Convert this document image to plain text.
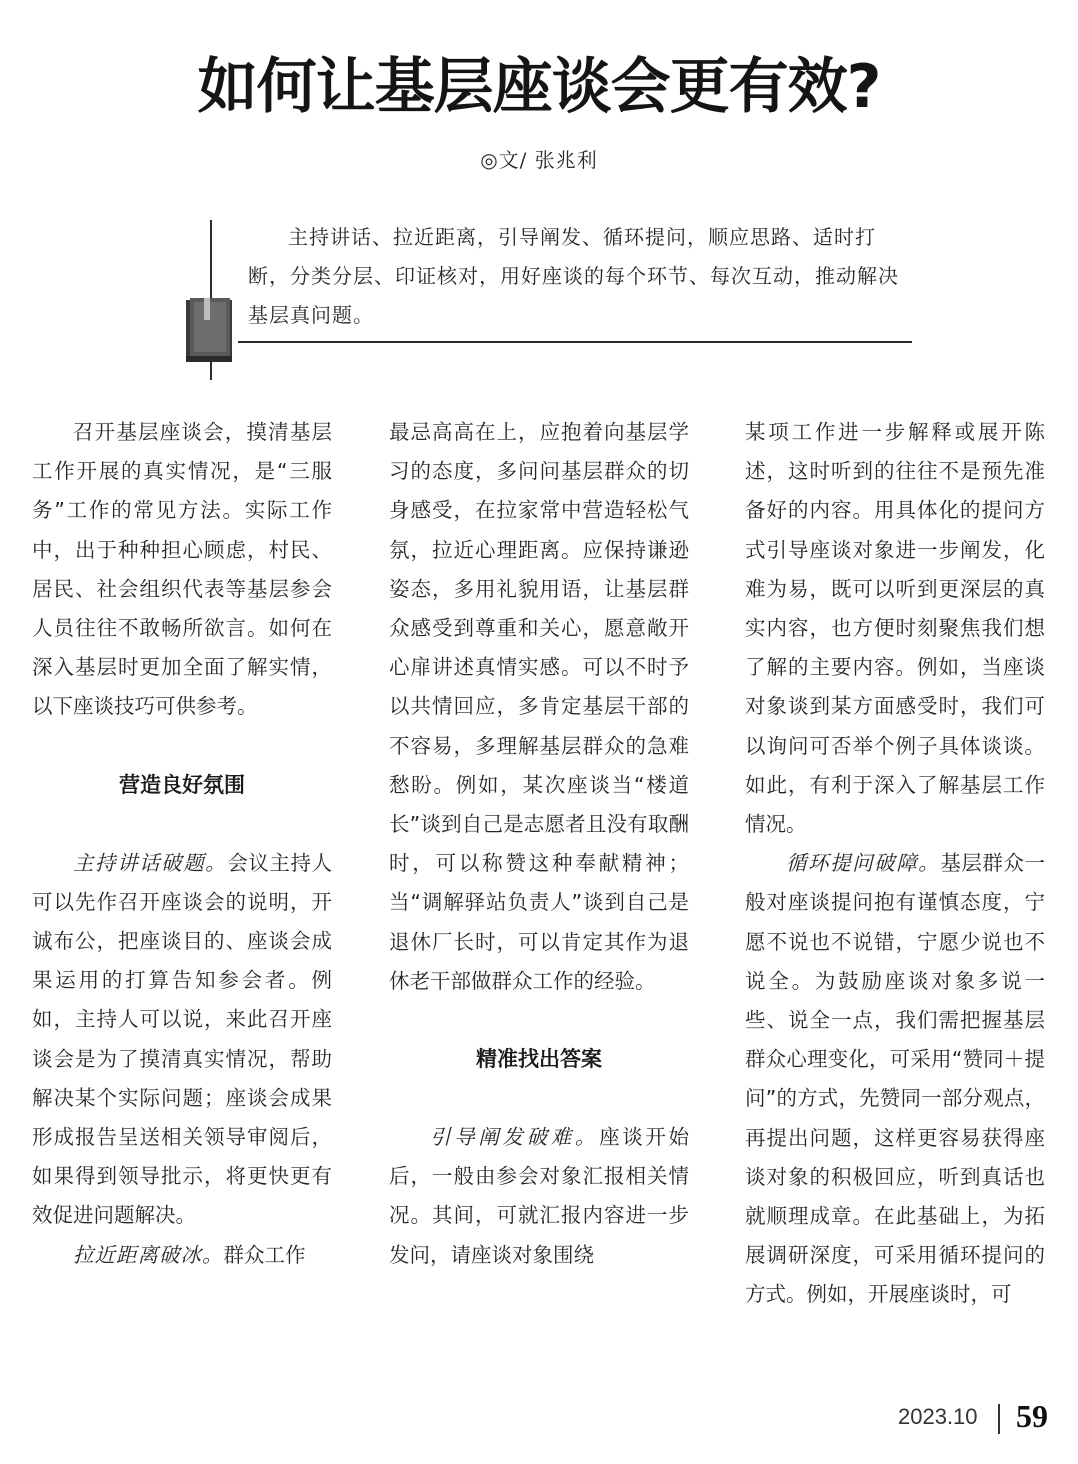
如何让基层座谈会更有效?
◎文/ 张兆利
主持讲话、拉近距离，引导阐发、循环提问，顺应思路、适时打断，分类分层、印证核对，用好座谈的每个环节、每次互动，推动解决基层真问题。

召开基层座谈会，摸清基层工作开展的真实情况，是“三服务”工作的常见方法。实际工作中，出于种种担心顾虑，村民、居民、社会组织代表等基层参会人员往往不敢畅所欲言。如何在深入基层时更加全面了解实情，以下座谈技巧可供参考。

营造良好氛围

主持讲话破题。会议主持人可以先作召开座谈会的说明，开诚布公，把座谈目的、座谈会成果运用的打算告知参会者。例如，主持人可以说，来此召开座谈会是为了摸清真实情况，帮助解决某个实际问题；座谈会成果形成报告呈送相关领导审阅后，如果得到领导批示，将更快更有效促进问题解决。

拉近距离破冰。群众工作

最忌高高在上，应抱着向基层学习的态度，多问问基层群众的切身感受，在拉家常中营造轻松气氛，拉近心理距离。应保持谦逊姿态，多用礼貌用语，让基层群众感受到尊重和关心，愿意敞开心扉讲述真情实感。可以不时予以共情回应，多肯定基层干部的不容易，多理解基层群众的急难愁盼。例如，某次座谈当“楼道长”谈到自己是志愿者且没有取酬时，可以称赞这种奉献精神；当“调解驿站负责人”谈到自己是退休厂长时，可以肯定其作为退休老干部做群众工作的经验。

精准找出答案

引导阐发破难。座谈开始后，一般由参会对象汇报相关情况。其间，可就汇报内容进一步发问，请座谈对象围绕

某项工作进一步解释或展开陈述，这时听到的往往不是预先准备好的内容。用具体化的提问方式引导座谈对象进一步阐发，化难为易，既可以听到更深层的真实内容，也方便时刻聚焦我们想了解的主要内容。例如，当座谈对象谈到某方面感受时，我们可以询问可否举个例子具体谈谈。如此，有利于深入了解基层工作情况。

循环提问破障。基层群众一般对座谈提问抱有谨慎态度，宁愿不说也不说错，宁愿少说也不说全。为鼓励座谈对象多说一些、说全一点，我们需把握基层群众心理变化，可采用“赞同＋提问”的方式，先赞同一部分观点，再提出问题，这样更容易获得座谈对象的积极回应，听到真话也就顺理成章。在此基础上，为拓展调研深度，可采用循环提问的方式。例如，开展座谈时，可

2023.10 59
